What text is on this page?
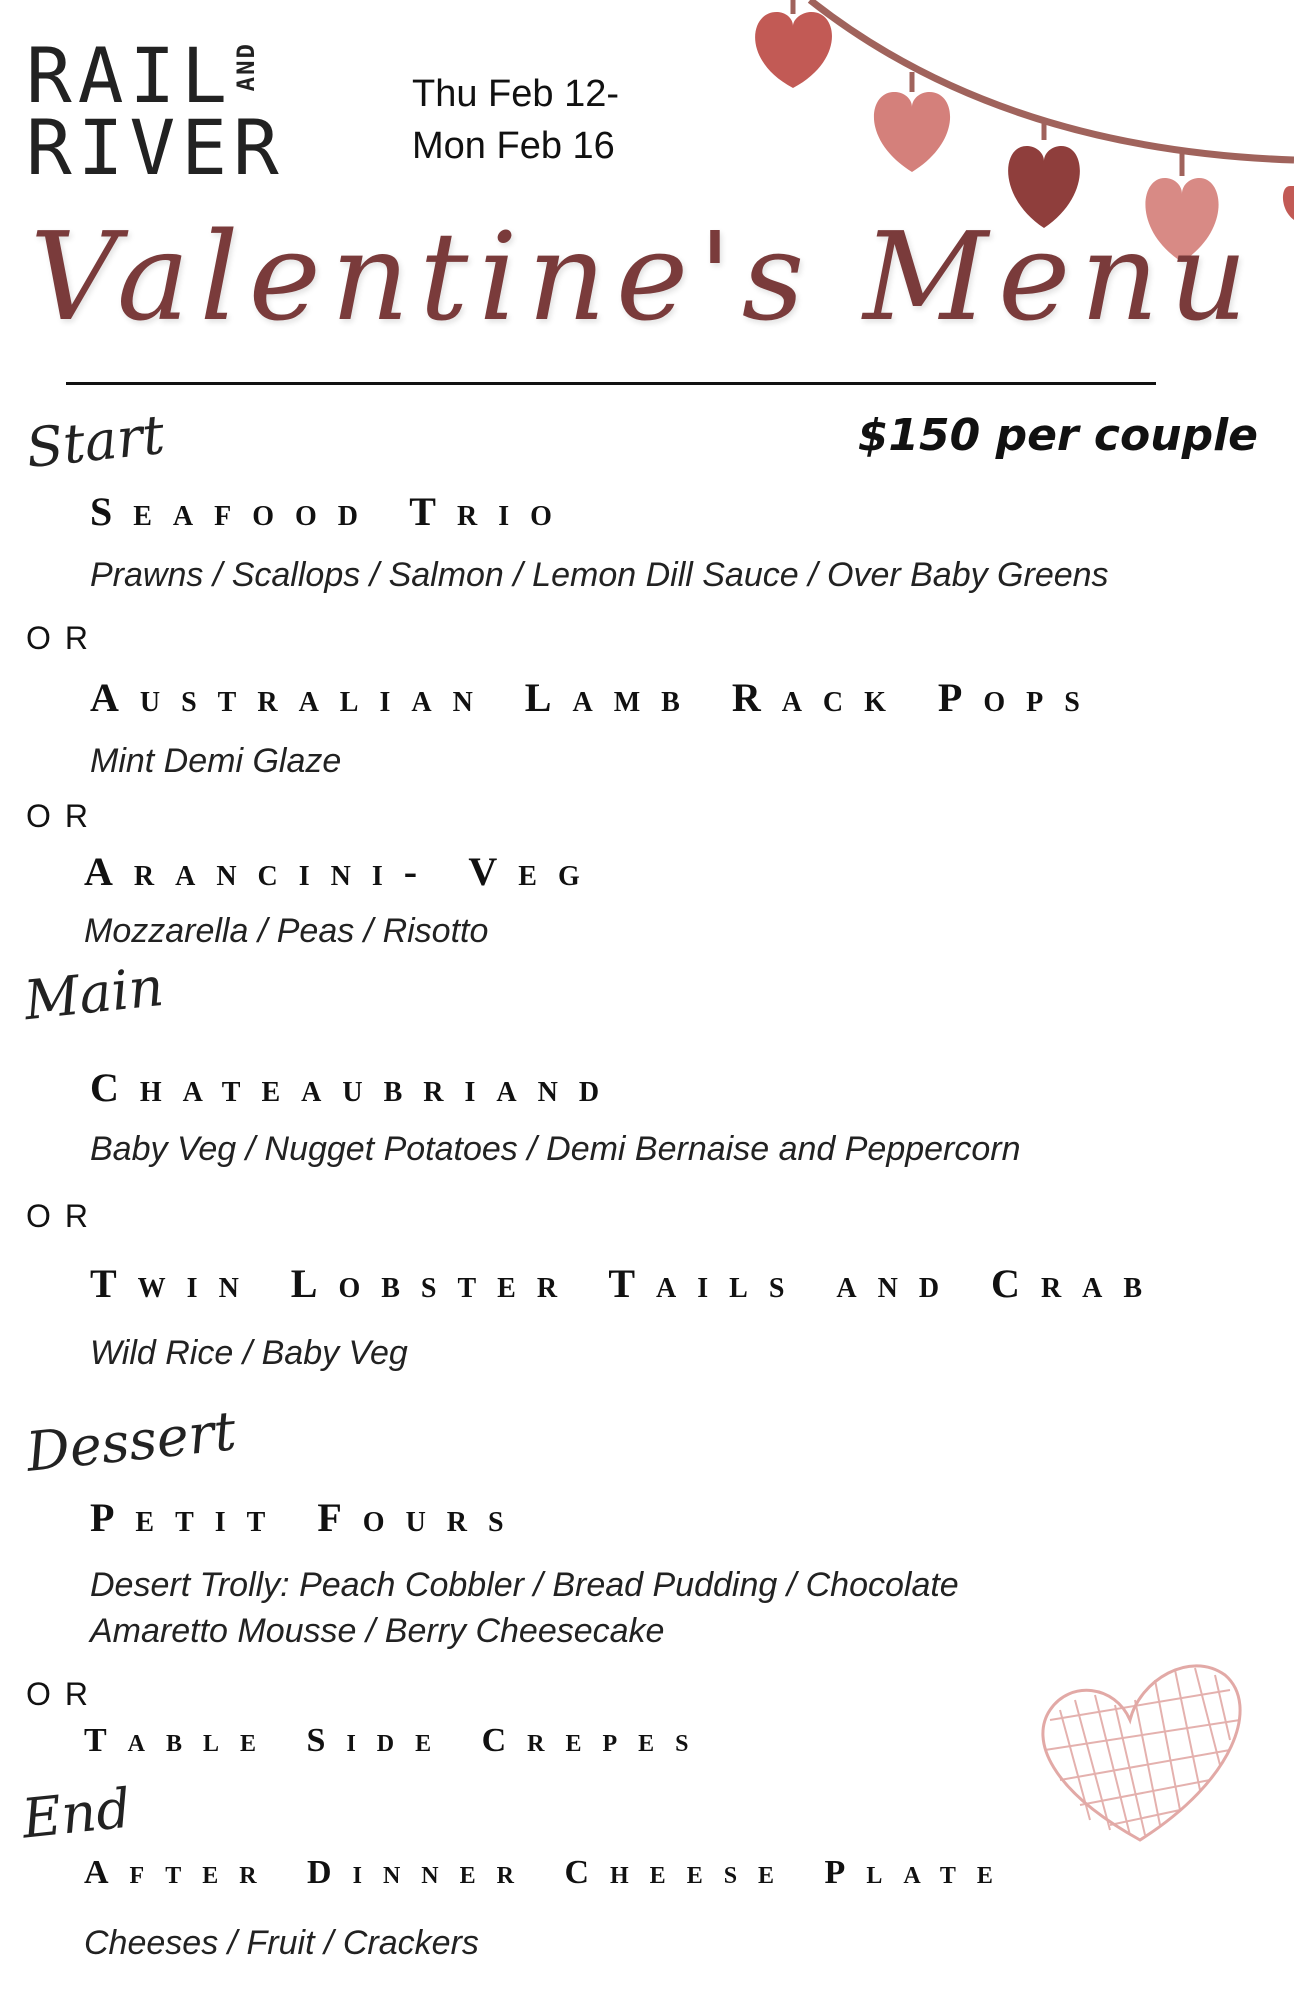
RAIL
AND
RIVER
Thu Feb 12-
Mon Feb 16
Valentine's Menu
$150 per couple
Start
Seafood Trio
Prawns / Scallops / Salmon / Lemon Dill Sauce / Over Baby Greens
OR
Australian Lamb Rack Pops
Mint Demi Glaze
OR
Arancini- Veg
Mozzarella / Peas / Risotto
Main
Chateaubriand
Baby Veg / Nugget Potatoes / Demi Bernaise and Peppercorn
OR
Twin Lobster Tails and Crab
Wild Rice / Baby Veg
Dessert
Petit Fours
Desert Trolly: Peach Cobbler / Bread Pudding / Chocolate
Amaretto Mousse / Berry Cheesecake
OR
Table Side Crepes
End
After Dinner Cheese Plate
Cheeses / Fruit / Crackers
